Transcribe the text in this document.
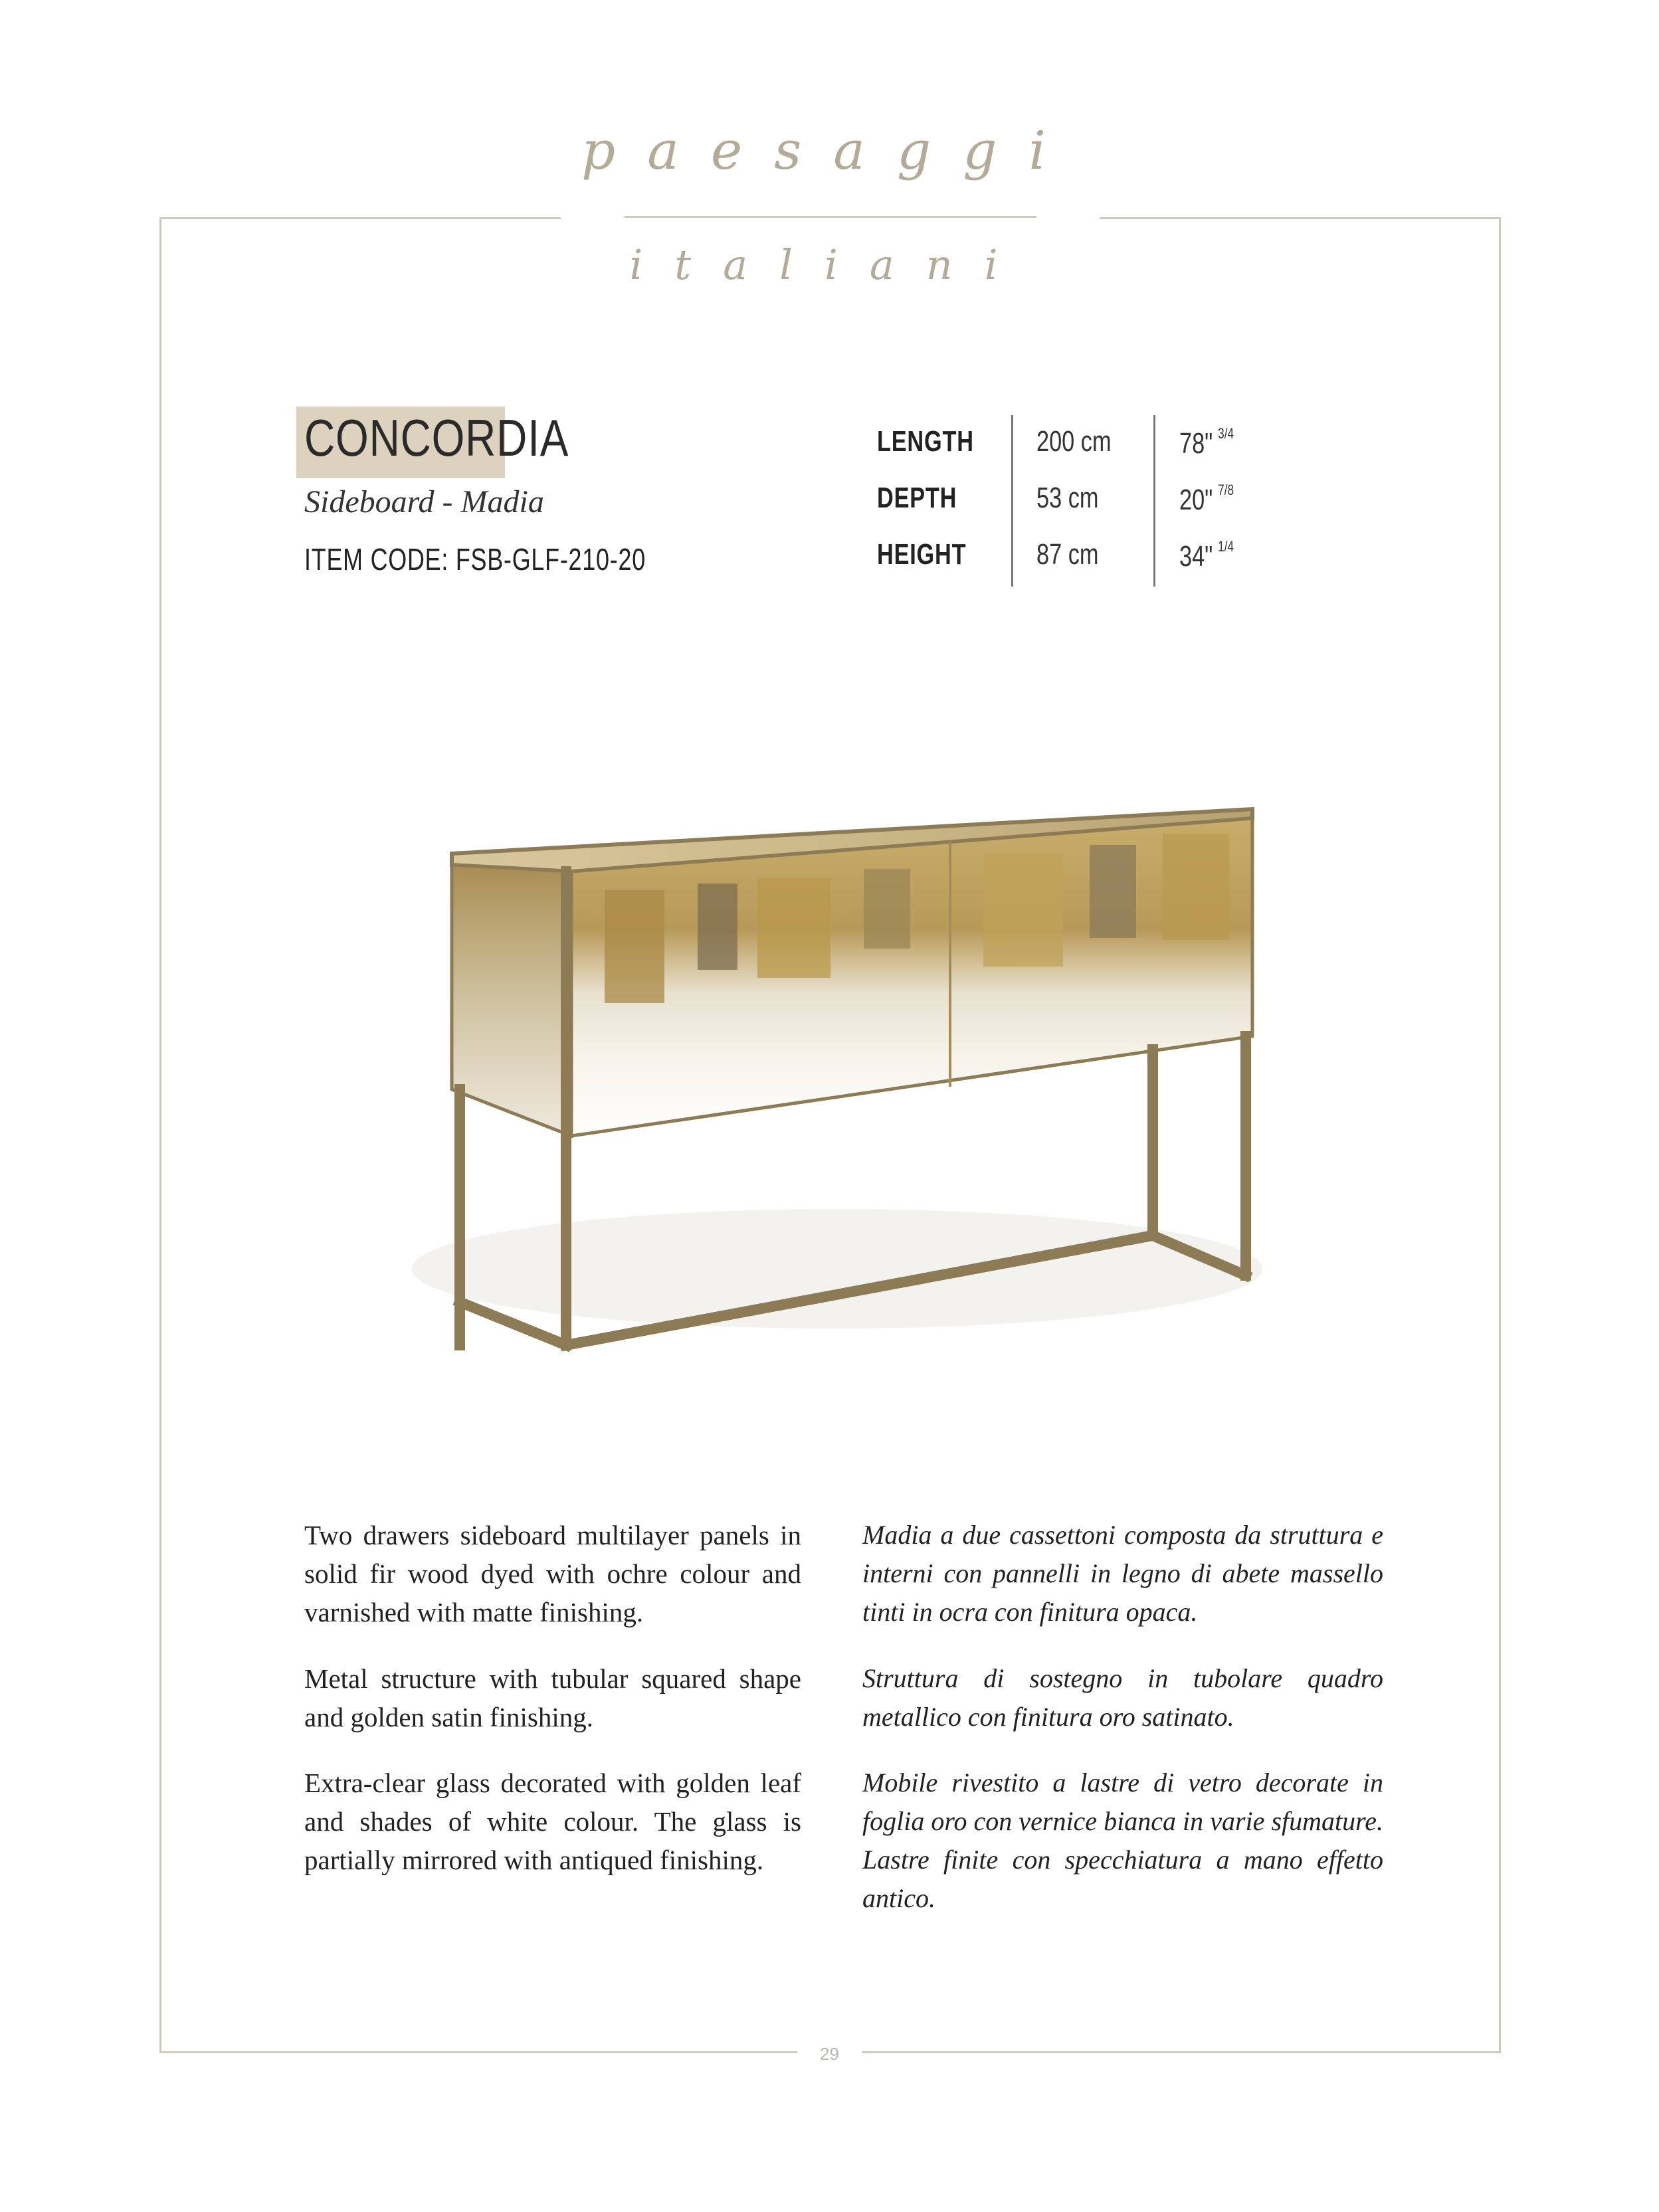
paesaggi
italiani
CONCORDIA
Sideboard - Madia
ITEM CODE: FSB-GLF-210-20
LENGTH 200 cm 78" $^{3/4}$
DEPTH	53 cm	20" $^{7/8}$
HEIGHT 87 cm	34" $^{1/4}$

Two drawers sideboard multilayer panels in solid fir wood dyed with ochre colour and varnished with matte finishing.

Metal structure with tubular squared shape and golden satin finishing.

Extra-clear glass decorated with golden leaf and shades of white colour. The glass is partially mirrored with antiqued finishing.

Madia a due cassettoni composta da struttura e interni con pannelli in legno di abete massello tinti in ocra con finitura opaca.

Struttura di sostegno in tubolare quadro metallico con finitura oro satinato.

Mobile rivestito a lastre di vetro decorate in foglia oro con vernice bianca in varie sfumature. Lastre finite con specchiatura a mano effetto antico.

29
